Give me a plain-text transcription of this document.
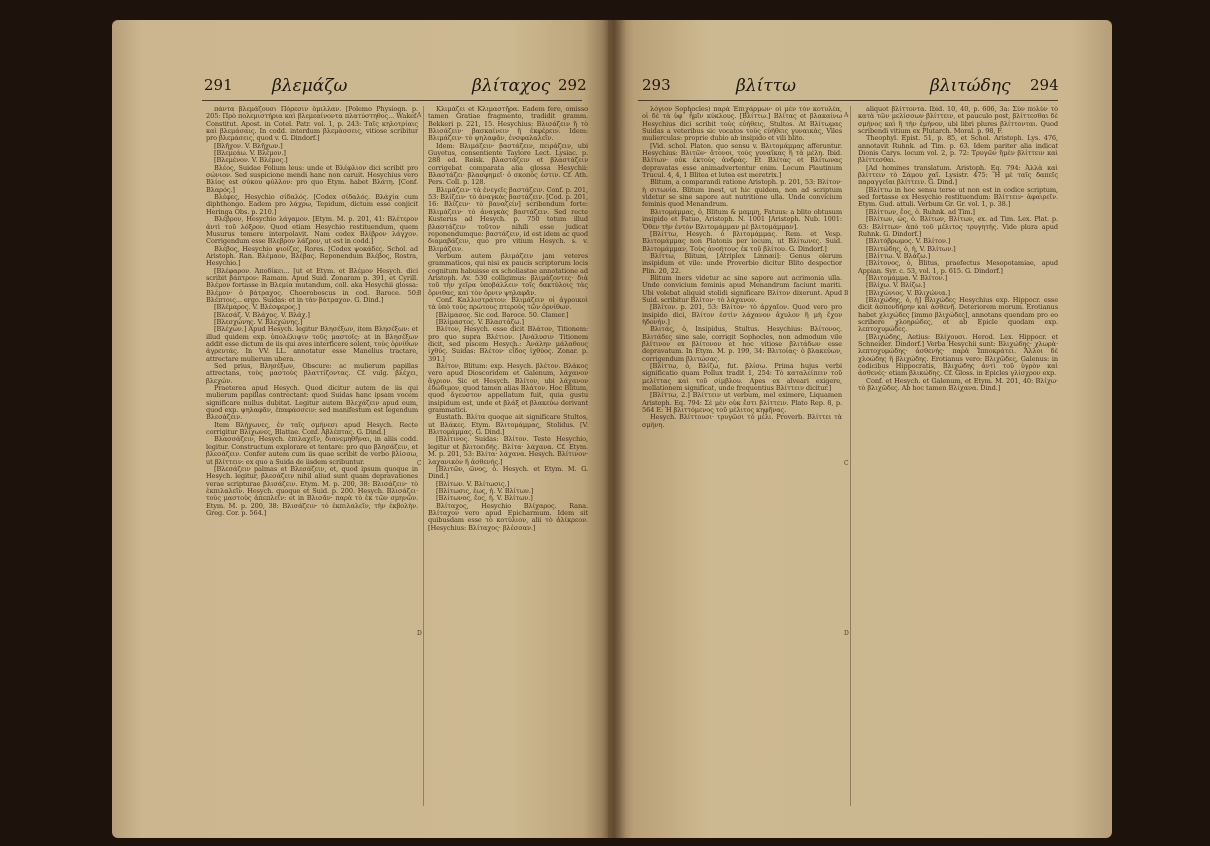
291 βλεμάζω	βλίταχος 292

πάντα βλεμάζουσι Πόρεσιν ὅμιλλαν. [Polemo Physiogn. p. 205: Πρὸ πολεμιστήρια καὶ βλεμεαίνοντα πλατύστηθος... Wakef. Constitut. Apost. in Cotel. Patr. vol. 1, p. 243: Ταῖς κηλοτρίαις καὶ βλεμάσαις. In codd. interdum βλεμάσσεις, vitiose scribitur pro βλεμάσεις, quod v. G. Dindorf.]

[Βλῆχον. V. Βλῆχων.]

[Βλεμεάω. V. Βλέμον.]

[Βλεμένον. V. Βλέμος.]

Βλέος, Suidae Folium leus: unde et Βλέφλιον dici scribit pro σώνιον. Sed suspicione mendi hanc non caruit. Hesychius vero Βλίος est σύκου φύλλον: pro quo Etym. habet Βλάτη. [Conf. Βλαρός.]

Βλέφες, Hesychio σίδαλός. [Codex σίδαλός. Βλάχία cum diphthongo. Eadem pro λάχρω, Tepidum, dictum esse conjicit Heringa Obs. p. 210.]

Βλέβρον, Hesychio λάγαμον. [Etym. M. p. 201, 41: Βλέτερον ἀντὶ τοῦ λόξρον. Quod etiam Hesychio restituendum, quem Musurus temere interpolavit. Nam codex Βλίβρον λάγχον. Corrigendum esse Βλεβρον λάζρον, ut est in codd.]

Βλέβος, Hesychio ψιοίζες, Rores. [Codex ψοκάδες. Schol. ad Aristoph. Ran. Βλέμαον, Βλέβας. Reponendum Βλέβος, Rostra, Hesychio.]

[Βλέφαρον. Ἀποδίκει... [ut et Etym. et Βλέμον Hesych. dici scribit βάπτρον: Ramam. Apud Suid. Zonaram p. 391, et Cyrill. Βλέμον fortasse in Βλεμία mutandum, coll. aka Hesychii glossa: Βλέμον· ὁ βάτραχος. Choeroboscus in cod. Baroce. 50: Βλέπτοις... ergo. Suidas: et in τὰν βάτραχον. G. Dind.]

[Βλέμαρος. V. Βλέσφερος.]

[Βλεσάζ. V. Βλάχος. V. Βλάχ.]

[Βλεσχώνης. V. Βλεχώνης.]

[Βλέχων.] Apud Hesych. legitur Βλησέξων, item Βλησέξων: et illud quidem exp. ὑπολέλιψιν τοῦς μαστοῖς: at in Βλησέξων addit esse dictum de iis qui aves interficere solent, τοὺς ὀρνίθων ἀγρευτάς. In VV. LL. annotatur esse Manelius tractare, attrectare mulierum ubera.

Sed prius, Βλησέξων, Obscure: ac mulierum papillas attrectans, τοὺς μαστοὺς βλαττίζοντας. Cf. vulg. βλέχει, βλεχών.

Praeterea apud Hesych. Quod dicitur autem de iis qui mulierum papillas contrectant: quod Suidas hanc ipsam vocem significare nullus dubitat. Legitur autem Βλεχάζειν apud eum, quod exp. ψηλαφᾶν, ἐπαφάσσειν: sed manifestum est legendum Βλεσάζειν.

Item Βλήχωνες, ἐν ταῖς σμήνεσι apud Hesych. Recte corrigitur Βλίχωνες, Blattae. Conf. Ἀβλέπτας. G. Dind.]

Βλασσάζειν, Hesych. ἐπιλαχεῖν, διανεμηθῆναι, in aliis codd. legitur. Constructum explorare et tentare: pro quo βλησάζειν, et βλεσάζειν. Confer autem cum iis quae scribit de verbo βλίσσω, ut βλίττειν: ex quo a Suida de iisdem scribuntur.

[Βλεσάζειν palmas et Βλεσάζειν, et, quod ipsum quoque in Hesych. legitur, βλεσάζειν nihil aliud sunt quam depravationes verae scripturae βλισάζειν. Etym. M. p. 200, 38: Βλισάζειν· τὸ ἐκπιλαλεῖν. Hesych. quoque et Suid. p. 200. Hesych. Βλισάζει· τοὺς μαστοὺς ἀπεπλεῖν: et in Βλισᾶν· παρὰ τὸ ἐκ τῶν σμηνῶν. Etym. M. p. 200, 38: Βλισάζειν· τὸ ἐκπιλαλεῖν, τὴν ἐκβολὴν. Greg. Cor. p. 564.]

A
B
C
D

Κλιμάζει et Κλιμαστῆρα. Eadem fere, omisso tamen Gratiae fragmento, tradidit gramm. Bekkeri p. 221, 15. Hesychius: Βλισάζειν ἢ τὸ Βλισάζειν· βασκαίνειν ἢ ἐκφέρειν. Idem: Βλιμάζειν· τὸ ψηλαφᾶν, ἐνσφαλαλεῖν.

Idem: Βλιμάζειν· βαστάζειν, πειράζειν, ubi Guyetus, consentiente Taylore Lect. Lysiac. p. 288 ed. Reisk. βλαστάζειν et βλαστάζειν corrigebat comparata alia glossa Hesychii: Βλαστάζει· βλασφημεῖ· ὁ σκοπὸς ἐστιν. Cf. Ath. Pers. Coll. p. 128.

Βλιμάζειν· τὰ ἐνεγεῖς βαστάζειν. Conf. p. 201, 53: Βλίζειν· τὸ ἀναγκὰς βαστάζειν. [Cod. p. 201, 16: Βλίζειν· τὸ βαναζείν] scribendum forte: Βλιμάζειν· τὸ ἀναγκὰς βαστάζειν. Sed recte Kusterus ad Hesych. p. 750 totum illud βλαστάζειν τοῦτον nihili esse judicat reponendumque: βαστάζειν, id est idem ac quod διαμαβάζειν, quo pro vitium Hesych. s. v. Βλιμάζειν.

Verbum autem βλιμάζειν jam veteres grammaticos, qui nisi ex paucis scriptorum locis cognitum habuisse ex scholiastae annotatione ad Aristoph. Av. 530 colligimus: βλιμάζοντες· διὰ τοῦ τὴν χεῖρα ὑποβάλλειν τοῖς δακτύλοις τὰς ὄρνιθας, καὶ τὸν ὄρνιν ψηλαφᾶν.

Conf. Καλλιστράτου: Βλιμάζειν οἱ ἀγροικοὶ τὰ ὑπὸ τοὺς πρώτους πτεροὺς τῶν ὀρνίθων.

[Βλίμασος. Sic cod. Baroce. 50. Clamer.]

[Βλίμαστος. V. Βλαστάζω.]

Βλίτον, Hesych. esse dicit Βλάτον, Titionem: pro quo supra Βλέτιον. [Ἀνάλυσιν Titionem dicit, sed piscem Hesych.: Ἀνάλην μάλαθους ἰχθύς. Suidas: Βλέτον· εἶδος ἰχθύος. Zonar. p. 391.]

Βλίτον, Blitum: exp. Hesych. βλέτον. Βλάκος vero apud Dioscoridem et Galenum, λάχανον ἄγριον. Sic et Hesych. Βλίτον, ubi λάχανον ἐδώδιμον, quod tamen alias Βλάτον. Hoc Blitum, quod ἄγευστον appellatum fuit, quia gustu insipidum est, unde et βλάξ et βλακεύω derivant grammatici.

Eustath. Βλίτα quoque ait significare Stultos, ut Βλάκες. Etym. Βλιτομάμμας, Stolidus. [V. Βλιτομάμμας. G. Dind.]

[Βλίτινος. Suidas: Βλίτον. Teste Hesychio, legitur et βλιτοειδής. Βλίτα· λάχανα. Cf. Etym. M. p. 201, 53: Βλίτα· λάχανα. Hesych. Βλίτινον· λαχανικὸν ἢ ἀσθενής.]

[Βλιτῶν, ῶνος, ὁ. Hesych. et Etym. M. G. Dind.]

[Βλίτων. V. Βλίτωσις.]

[Βλίτωσις, ἐως, ἡ. V. Βλίτων.]

[Βλίτωνος, ἔος, ἡ. V. Βλίτων.]

Βλίταχος, Hesychio Βλίχαρος. Rana. Βλίταχον vero apud Epicharmum. Idem sit quibusdam esse τὸ κοτύλιον, alii τὸ ἀλίκρεον. [Hesychius: Βλίταχος· βλέσσαν.]

293	βλίττω	βλιτώδης 294

λόγιον Sophocles) παρὰ Ἐπιχάρμων· οἱ μὲν τὸν κοτυλέα, οἱ δὲ τὰ ὑφ᾽ ἧμῖν κύκλους. [Βλίττω.] Βλίτας et βλακαίνω Hesychius dici scribit τοὺς εὐήθεις, Stultos. At Βλίτωμας Suidas a veteribus sic vocatos τοὺς εὐήθεις γυναικὰς, Viles mulierculas: proprie dubio ab insipido et vili blito.

[Vid. schol. Platon. quo sensu v. Βλιτομάμμας afferuntur. Hesychius: Βλιτῶν· ἄτονοι, τοὺς γυναῖκας ἢ τὰ μέλη. Ibid. Βλίτων· οὐκ ἐκτοὺς ἀνδράς. Et Βλίτας et Βλίτωνας depravatas esse animadvertentur enim. Locum Plautinum Trucul. 4, 4, 1 Blitea et lutea est meretrix.]

Blitum, a comparandi ratione Aristoph. p. 201, 53: Βλίτον· ἡ σιτωνία. Blitum inest, ut hic quidem, non ad scriptum videtur se sine sapore aut nutritione ulla. Unde convicium feminis quod Menandrum.

Βλιτομάμμας, ὁ, Blitum & μαμμη, Fatuus: a blito obtusum insipido et Fatuo, Aristoph. N. 1001 [Aristoph. Nub. 1001: Ὅθεν τὴν ἐντὸν Βλιτομάμμαν μὲ βλιτομάμμαν].

[Βλίττω, Hesych. ὁ βλιτομάμμας. Rem. et Vesp. Βλιτομάμμας non Platonis per iocum, ut Βλίτωνες. Suid. Βλιτομάμμαν, Τοὺς ἀνοήτους ἐκ τοῦ βλίτου. G. Dindorf.]

Βλίττω, Blitum, [Atriplex Linnæi]: Genus olerum insipidum et vile: unde Proverbio dicitur Blito despectior Plin. 20, 22.

Blitum iners videtur ac sine sapore aut acrimonia ulla. Unde convicium feminis apud Menandrum faciunt mariti. Ubi volebat aliquid stolidi significare Βλίτον dixerunt. Apud Suid. scribitur Βλίτον· τὸ λάχανον.

[Βλίτον. p. 201, 53: Βλίτον· τὸ ἀρχαῖον. Quod vero pro insipido dici, Βλίτον ἐστὶν λάχανον ἄχυλον ἢ μὴ ἔχον ἡδονήν.]

Βλιτάς, ὁ, Insipidus, Stultus. Hesychius: Βλίτονος. Βλιτάδες sine sale, corrigit Sophocles, non admodum vile βλίτινον ex βλίτονον et hoc vitiose βλιτάδων esse depravatum. In Etym. M. p. 199, 34: Βλιτοίας· ὁ βλακεύων, corrigendum βλιτώσας.

[Βλίττω, ὁ, Βλίζω, fut. βλίσω. Prima hujus verbi significatio quam Pollux tradit 1, 254: Τὸ καταλείπειν τοῦ μελίττας καὶ τοῦ σίμβλου. Apes ex alveari exigere, mellationem significat, unde frequentius Βλίττειν dicitur.]

[Βλίττω, 2.] Βλίττειν ut verbum, mel eximere, Liquamen Aristoph. Eq. 794: Σὲ μὲν οὐκ ἔστι βλίττειν. Plato Rep. 8, p. 564 E: Ἡ βλιττόμενος τοῦ μέλιτος κηφῆνας.

Hesych. Βλίττουσι· τρυγῶσι τὸ μέλι. Proverb. Βλίττει τὰ σμήνη.

A
B
C
D

aliquot βλίττοντα. Ibid. 10, 40, p. 606, 3a: Σὺν πολὺν τὸ κατὰ τῶν μελίσσων βλίττειν, et pauculo post, βλίττεσθαι δὲ σμήνος καὶ ἢ τὴν ἐμήνον, ubi libri plures βλίττονται. Quod scribendi vitium ex Plutarch. Moral. p. 98, F.

Theophyl. Epist. 51, p. 85, et Schol. Aristoph. Lys. 476, annotavit Ruhnk. ad Tim. p. 63. Idem pariter alia indicat Dionis Carys. locum vol. 2, p. 72: Τρυγῶν ἢμὲν βλίττειν καὶ βλίττεσθαι.

[Ad homines translatum. Aristoph. Eq. 794: Ἀλλὰ καὶ βλίττειν τὸ Σάμου χαῖ. Lysistr. 475: Ἥ μὲ ταῖς δαπεῖς παραγγεῖαι βλίττειν. G. Dind.]

[Βλίττω in hoc sensu terse ut non est in codice scriptum, sed fortasse ex Hesychio restituendum: Βλίττειν· ἀφαιρεῖν. Etym. Gud. attuli. Verbum Gr. Gr. vol. 1, p. 38.]

[Βλίττων, ἔος, ὁ. Ruhnk. ad Tim.]

[Βλίτων, ὡς, ὁ. Βλίτων, Βλίτων, ex. ad Tim. Lex. Plat. p. 63: Βλίττων· ἀπὸ τοῦ μέλιτος τρυγητὴς. Vide plura apud Ruhnk. G. Dindorf.]

[Βλιτόβρωμος. V. Βλίτον.]

[Βλιτώδης, ὁ, ἡ, V. Βλίτων.]

[Βλίττω. V. Βλάζω.]

[Βλίτονος, ὁ, Blitus, praefectus Mesopotamiae, apud Appian. Syr. c. 53, vol. 1, p. 615. G. Dindorf.]

[Βλιτομάμμα. V. Βλίτον.]

[Βλίχω. V. Βλίζω.]

[Βλιχώνιος. V. Βλιχώνια.]

[Βλιχώδης, ὁ, ἡ] Βλιχώδες Hesychius exp. Hippocr. esse dicit ἀσπονδήρην καὶ ἀσθενῆ. Deteriorem morum. Erotianus habet χλιχώδες [immo βλιχώδες], annotans quendam pro eo scribere χλοηρώδες, et ab Epicle quodam exp. λεπτοχυμώδες.

[Βλιχώδης, Aetius: Βλίχουσι. Herod. Lex. Hippocr. et Schneider. Dindorf.] Verba Hesychii sunt: Βλιχώδης· χλωρὰ· λεπτοχυμώδης· ἀσθενής· παρὰ Ἱπποκράτει. Ἄλλοι δὲ χλοώδης ἢ βλιχώδης. Erotianus vero: Βλιχῶδες, Galenus: in codicibus Hippocratis, Βλιχώδης ἀντὶ τοῦ ὑγρὸν καὶ ἀσθενές· etiam βλικώδης. Cf. Gloss. in Epicles γλίσχρον exp.

Conf. et Hesych. et Galenum, et Etym. M. 201, 40: Βλίχω· τὸ βλιχῶδες. Ab hoc tamen Βλίχανα. Dind.]
